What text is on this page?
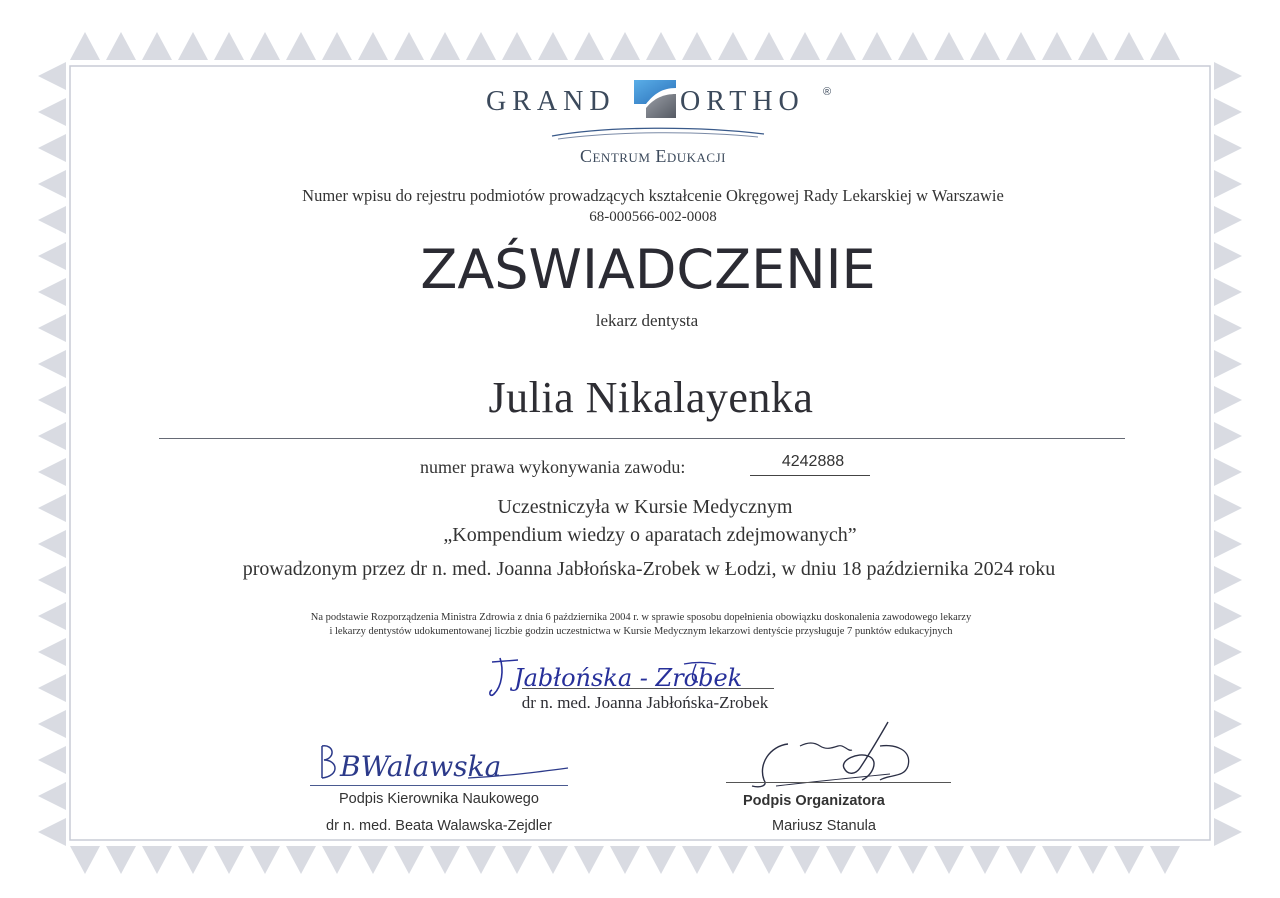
GRAND ORTHO ®
Centrum Edukacji
Numer wpisu do rejestru podmiotów prowadzących kształcenie Okręgowej Rady Lekarskiej w Warszawie
68-000566-002-0008
ZAŚWIADCZENIE
lekarz dentysta
Julia Nikalayenka
numer prawa wykonywania zawodu:	4242888
Uczestniczyła w Kursie Medycznym
„Kompendium wiedzy o aparatach zdejmowanych”
prowadzonym przez dr n. med. Joanna Jabłońska-Zrobek w Łodzi, w dniu 18 października 2024 roku
Na podstawie Rozporządzenia Ministra Zdrowia z dnia 6 października 2004 r. w sprawie sposobu dopełnienia obowiązku doskonalenia zawodowego lekarzy
i lekarzy dentystów udokumentowanej liczbie godzin uczestnictwa w Kursie Medycznym lekarzowi dentyście przysługuje 7 punktów edukacyjnych
Jabłońska - Zrobek
dr n. med. Joanna Jabłońska-Zrobek
BWalawska
Podpis Kierownika Naukowego
dr n. med. Beata Walawska-Zejdler
Podpis Organizatora
Mariusz Stanula
